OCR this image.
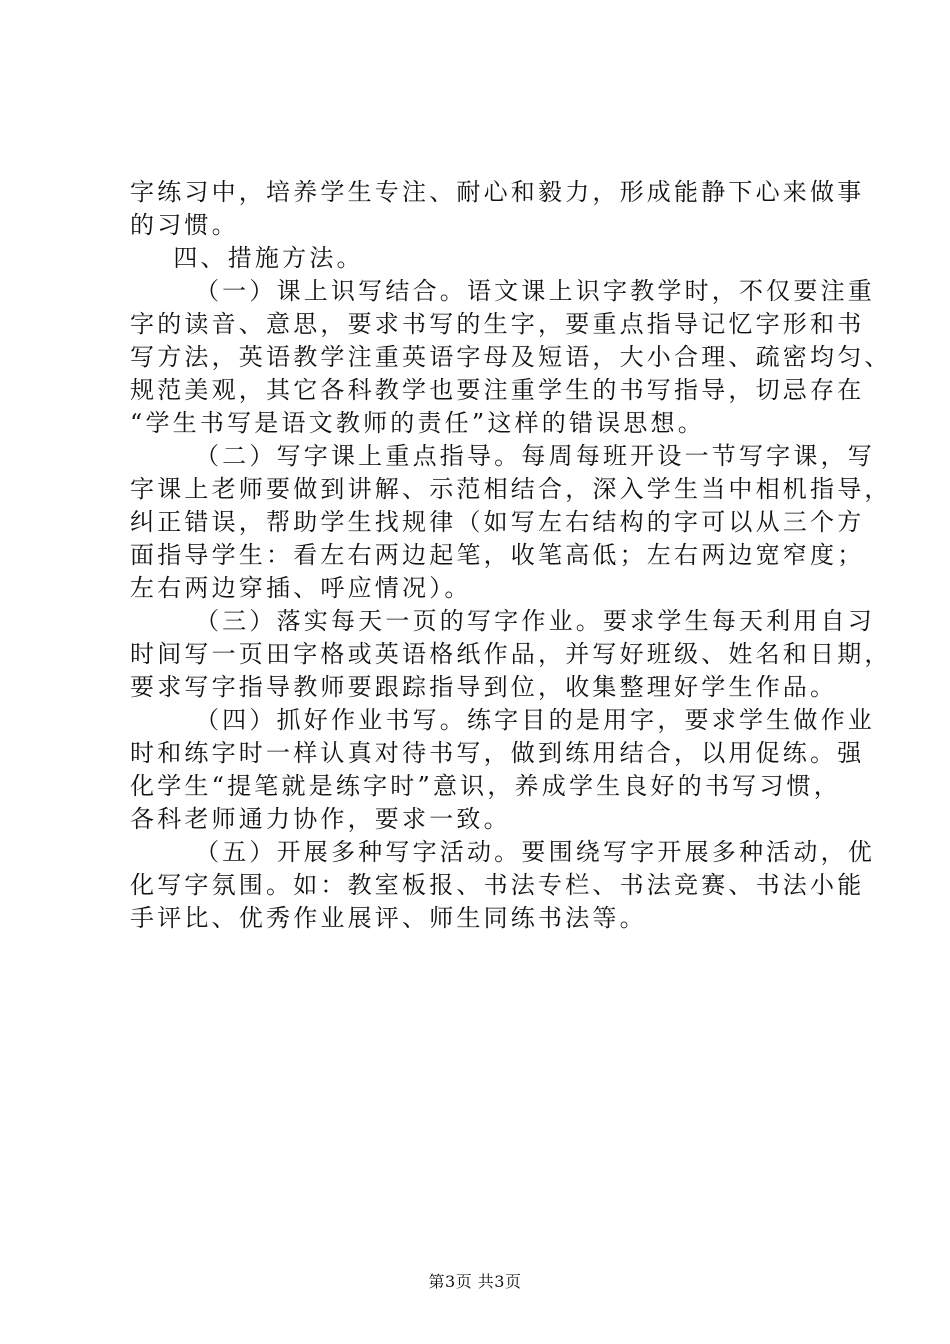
字练习中，培养学生专注、耐心和毅力，形成能静下心来做事
的习惯。
四、措施方法。
（一）课上识写结合。语文课上识字教学时，不仅要注重
字的读音、意思，要求书写的生字，要重点指导记忆字形和书
写方法，英语教学注重英语字母及短语，大小合理、疏密均匀、
规范美观，其它各科教学也要注重学生的书写指导，切忌存在
“学生书写是语文教师的责任”这样的错误思想。
（二）写字课上重点指导。每周每班开设一节写字课，写
字课上老师要做到讲解、示范相结合，深入学生当中相机指导，
纠正错误，帮助学生找规律（如写左右结构的字可以从三个方
面指导学生：看左右两边起笔，收笔高低；左右两边宽窄度；
左右两边穿插、呼应情况）。
（三）落实每天一页的写字作业。要求学生每天利用自习
时间写一页田字格或英语格纸作品，并写好班级、姓名和日期，
要求写字指导教师要跟踪指导到位，收集整理好学生作品。
（四）抓好作业书写。练字目的是用字，要求学生做作业
时和练字时一样认真对待书写，做到练用结合，以用促练。强
化学生“提笔就是练字时”意识，养成学生良好的书写习惯，
各科老师通力协作，要求一致。
（五）开展多种写字活动。要围绕写字开展多种活动，优
化写字氛围。如：教室板报、书法专栏、书法竞赛、书法小能
手评比、优秀作业展评、师生同练书法等。
第3页 共3页
